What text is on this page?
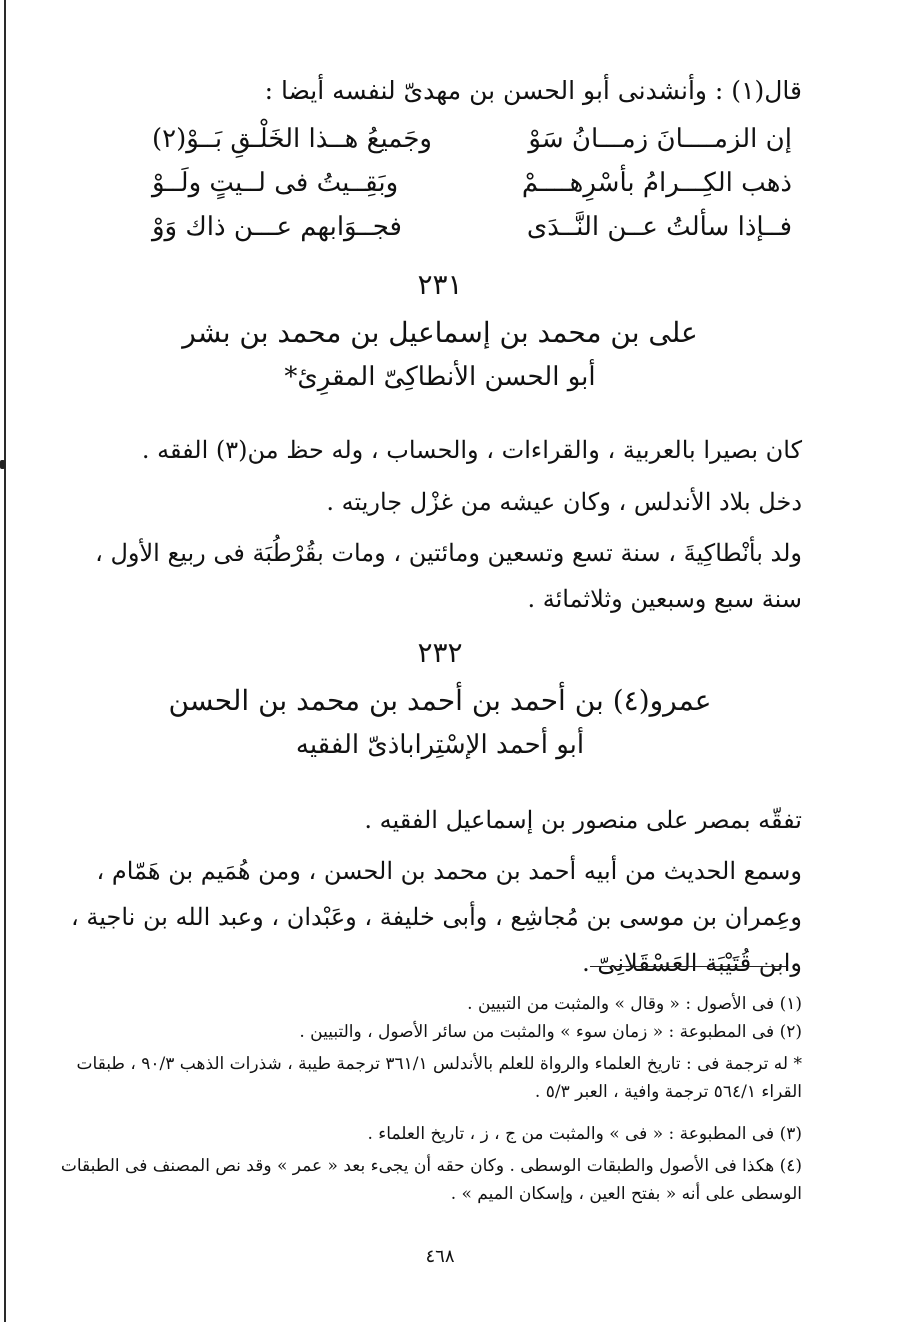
قال(١) : وأنشدنى أبو الحسن بن مهدىّ لنفسه أيضا :
إن الزمــــانَ زمـــانُ سَوْ
وجَميعُ هــذا الخَلْـقِ بَــوْ(٢)
ذهب الكِـــرامُ بأسْرِهــــمْ
وبَقِــيتُ فى لــيتٍ ولَــوْ
فــإذا سألتُ عــن النَّــدَى
فجــوَابهم عـــن ذاك وَوْ
٢٣١
على بن محمد بن إسماعيل بن محمد بن بشر
أبو الحسن الأنطاكِىّ المقرِئ*
كان بصيرا بالعربية ، والقراءات ، والحساب ، وله حظ من(٣) الفقه .
دخل بلاد الأندلس ، وكان عيشه من غزْل جاريته .
ولد بأنْطاكِيةَ ، سنة تسع وتسعين ومائتين ، ومات بقُرْطُبَة فى ربيع الأول ، سنة سبع وسبعين وثلاثمائة .
٢٣٢
عمرو(٤) بن أحمد بن أحمد بن محمد بن الحسن
أبو أحمد الإسْتِراباذىّ الفقيه
تفقّه بمصر على منصور بن إسماعيل الفقيه .
وسمع الحديث من أبيه أحمد بن محمد بن الحسن ، ومن هُمَيم بن هَمّام ، وعِمران بن موسى بن مُجاشِع ، وأبى خليفة ، وعَبْدان ، وعبد الله بن ناجية ، وابن قُتَيْبَة العَسْقَلانِىّ .
(١) فى الأصول : « وقال » والمثبت من التبيين .
(٢) فى المطبوعة : « زمان سوء » والمثبت من سائر الأصول ، والتبيين .
* له ترجمة فى : تاريخ العلماء والرواة للعلم بالأندلس ٣٦١/١ ترجمة طيبة ، شذرات الذهب ٩٠/٣ ، طبقات القراء ٥٦٤/١ ترجمة وافية ، العبر ٥/٣ .
(٣) فى المطبوعة : « فى » والمثبت من ج ، ز ، تاريخ العلماء .
(٤) هكذا فى الأصول والطبقات الوسطى . وكان حقه أن يجىء بعد « عمر » وقد نص المصنف فى الطبقات الوسطى على أنه « بفتح العين ، وإسكان الميم » .
٤٦٨
